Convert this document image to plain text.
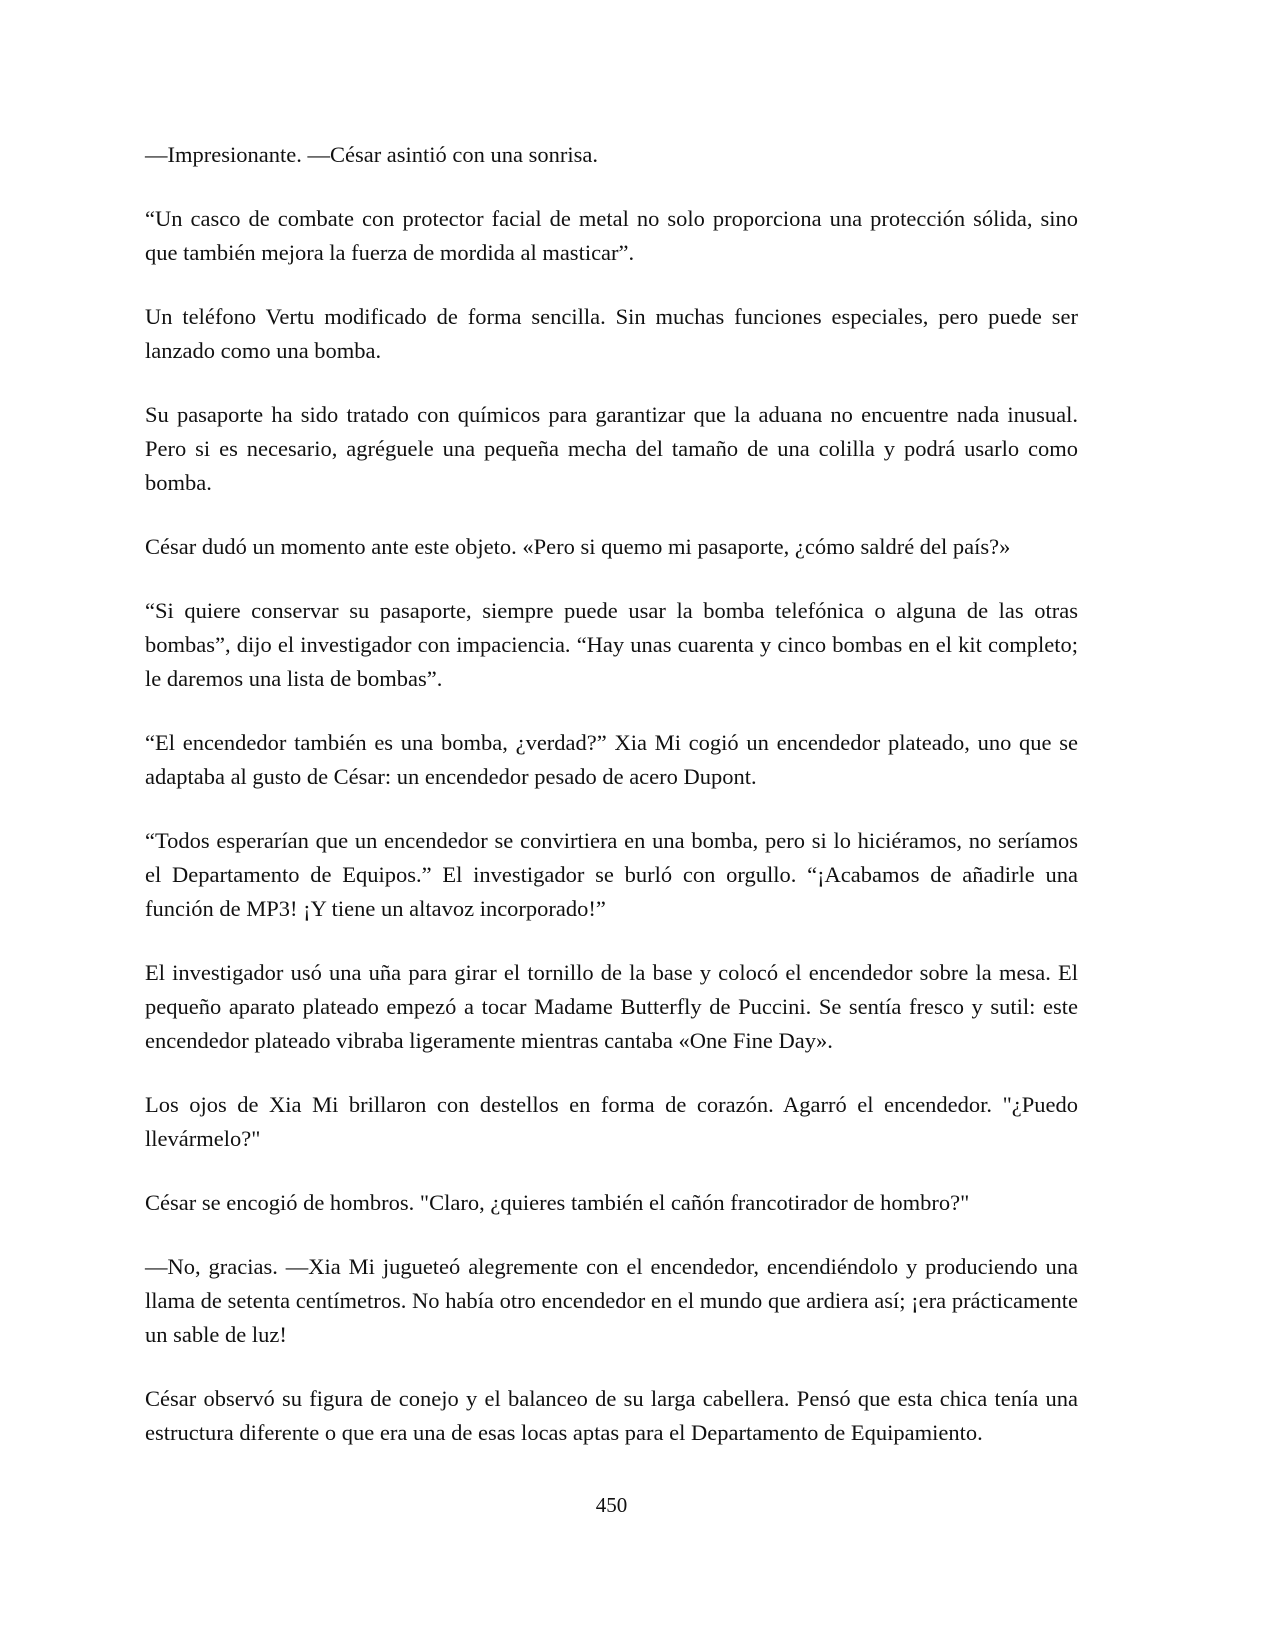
—Impresionante. —César asintió con una sonrisa.

“Un casco de combate con protector facial de metal no solo proporciona una protección sólida, sino que también mejora la fuerza de mordida al masticar”.

Un teléfono Vertu modificado de forma sencilla. Sin muchas funciones especiales, pero puede ser lanzado como una bomba.

Su pasaporte ha sido tratado con químicos para garantizar que la aduana no encuentre nada inusual. Pero si es necesario, agréguele una pequeña mecha del tamaño de una colilla y podrá usarlo como bomba.

César dudó un momento ante este objeto. «Pero si quemo mi pasaporte, ¿cómo saldré del país?»

“Si quiere conservar su pasaporte, siempre puede usar la bomba telefónica o alguna de las otras bombas”, dijo el investigador con impaciencia. “Hay unas cuarenta y cinco bombas en el kit completo; le daremos una lista de bombas”.

“El encendedor también es una bomba, ¿verdad?” Xia Mi cogió un encendedor plateado, uno que se adaptaba al gusto de César: un encendedor pesado de acero Dupont.

“Todos esperarían que un encendedor se convirtiera en una bomba, pero si lo hiciéramos, no seríamos el Departamento de Equipos.” El investigador se burló con orgullo. “¡Acabamos de añadirle una función de MP3! ¡Y tiene un altavoz incorporado!”

El investigador usó una uña para girar el tornillo de la base y colocó el encendedor sobre la mesa. El pequeño aparato plateado empezó a tocar Madame Butterfly de Puccini. Se sentía fresco y sutil: este encendedor plateado vibraba ligeramente mientras cantaba «One Fine Day».

Los ojos de Xia Mi brillaron con destellos en forma de corazón. Agarró el encendedor. "¿Puedo llevármelo?"

César se encogió de hombros. "Claro, ¿quieres también el cañón francotirador de hombro?"

—No, gracias. —Xia Mi jugueteó alegremente con el encendedor, encendiéndolo y produciendo una llama de setenta centímetros. No había otro encendedor en el mundo que ardiera así; ¡era prácticamente un sable de luz!

César observó su figura de conejo y el balanceo de su larga cabellera. Pensó que esta chica tenía una estructura diferente o que era una de esas locas aptas para el Departamento de Equipamiento.

450
